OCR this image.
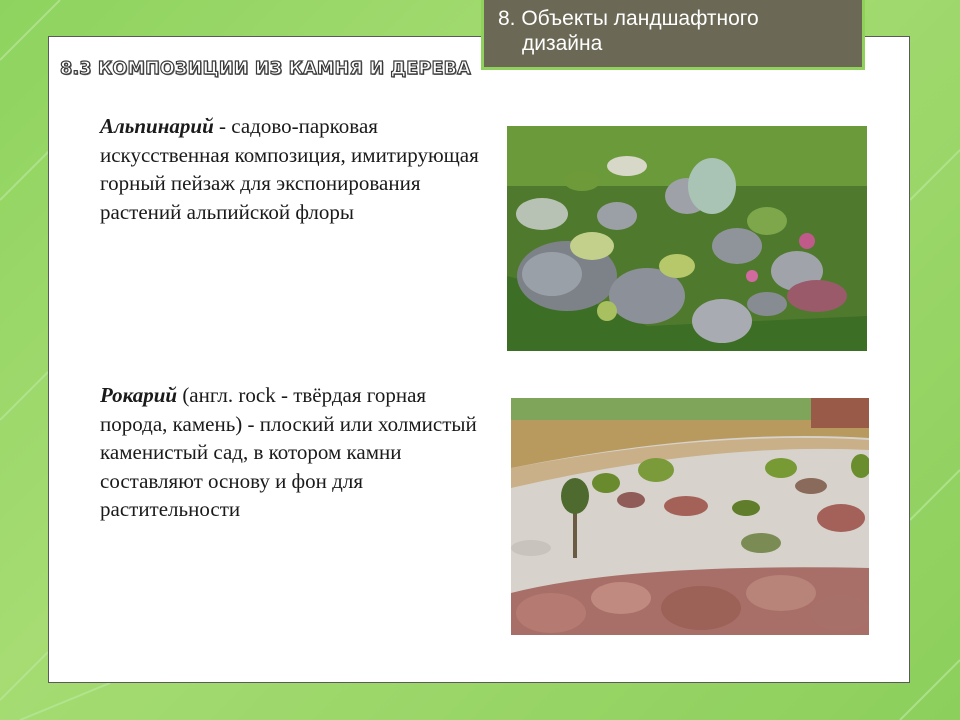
8. Объекты ландшафтного
дизайна
8.3 КОМПОЗИЦИИ ИЗ КАМНЯ И ДЕРЕВА
Альпинарий - садово-парковая искусственная композиция, имитирующая горный пейзаж для экспонирования растений альпийской флоры
Рокарий (англ. rock - твёрдая горная порода, камень) - плоский или холмистый каменистый сад, в котором камни составляют основу и фон для растительности
